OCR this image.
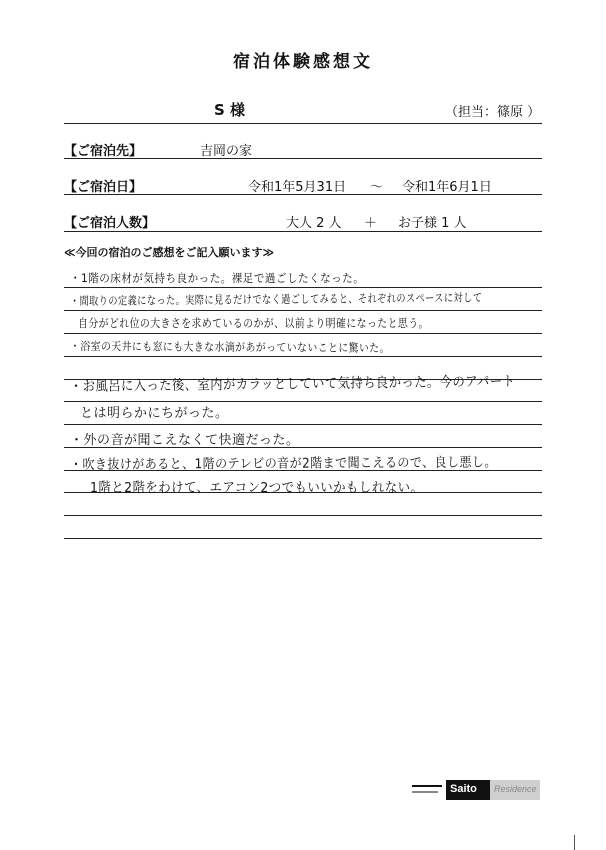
宿泊体験感想文
S 様	（担当：篠原 ）
【ご宿泊先】	吉岡の家
【ご宿泊日】	令和1年5月31日 〜 令和1年6月1日
【ご宿泊人数】	大人 2 人 ＋ お子様 1 人
≪今回の宿泊のご感想をご記入願います≫
・1階の床材が気持ち良かった。裸足で過ごしたくなった。
・間取りの定義になった。実際に見るだけでなく過ごしてみると、それぞれのスペースに対して
自分がどれ位の大きさを求めているのかが、以前より明確になったと思う。
・浴室の天井にも窓にも大きな水滴があがっていないことに驚いた。
・お風呂に入った後、室内がカラッとしていて気持ち良かった。今のアパート
とは明らかにちがった。
・外の音が聞こえなくて快適だった。
・吹き抜けがあると、1階のテレビの音が2階まで聞こえるので、良し悪し。
1階と2階をわけて、エアコン2つでもいいかもしれない。
Saito Residence
